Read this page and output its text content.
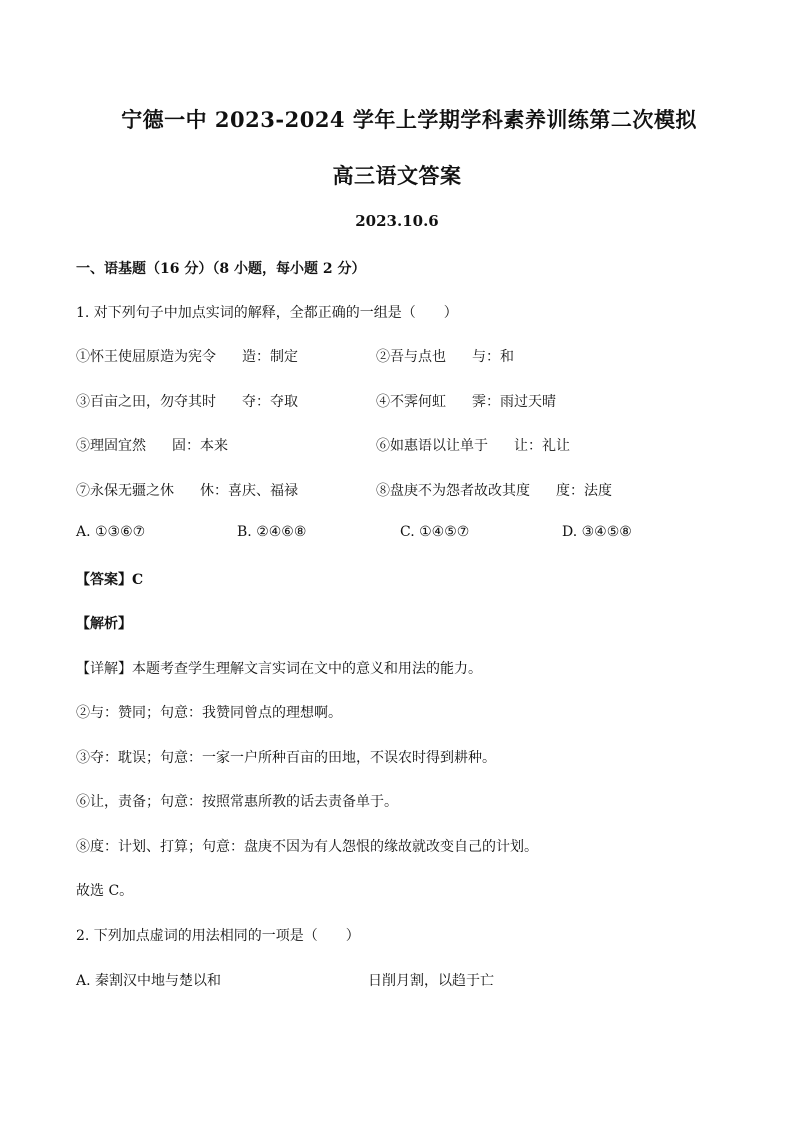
宁德一中 2023-2024 学年上学期学科素养训练第二次模拟
高三语文答案
2023.10.6
一、语基题（16 分）（8 小题，每小题 2 分）
1. 对下列句子中加点实词的解释，全都正确的一组是（　　）
①怀王使屈原造为宪令 造：制定	②吾与点也 与：和
③百亩之田，勿夺其时 夺：夺取	④不霁何虹 霁：雨过天晴
⑤理固宜然 固：本来	⑥如惠语以让单于 让：礼让
⑦永保无疆之休 休：喜庆、福禄	⑧盘庚不为怨者故改其度 度：法度
A. ①③⑥⑦	B. ②④⑥⑧	C. ①④⑤⑦	D. ③④⑤⑧
【答案】C
【解析】
【详解】本题考查学生理解文言实词在文中的意义和用法的能力。
②与：赞同；句意：我赞同曾点的理想啊。
③夺：耽误；句意：一家一户所种百亩的田地，不误农时得到耕种。
⑥让，责备；句意：按照常惠所教的话去责备单于。
⑧度：计划、打算；句意：盘庚不因为有人怨恨的缘故就改变自己的计划。
故选 C。
2. 下列加点虚词的用法相同的一项是（　　）
A. 秦割汉中地与楚以和	日削月割，以趋于亡
